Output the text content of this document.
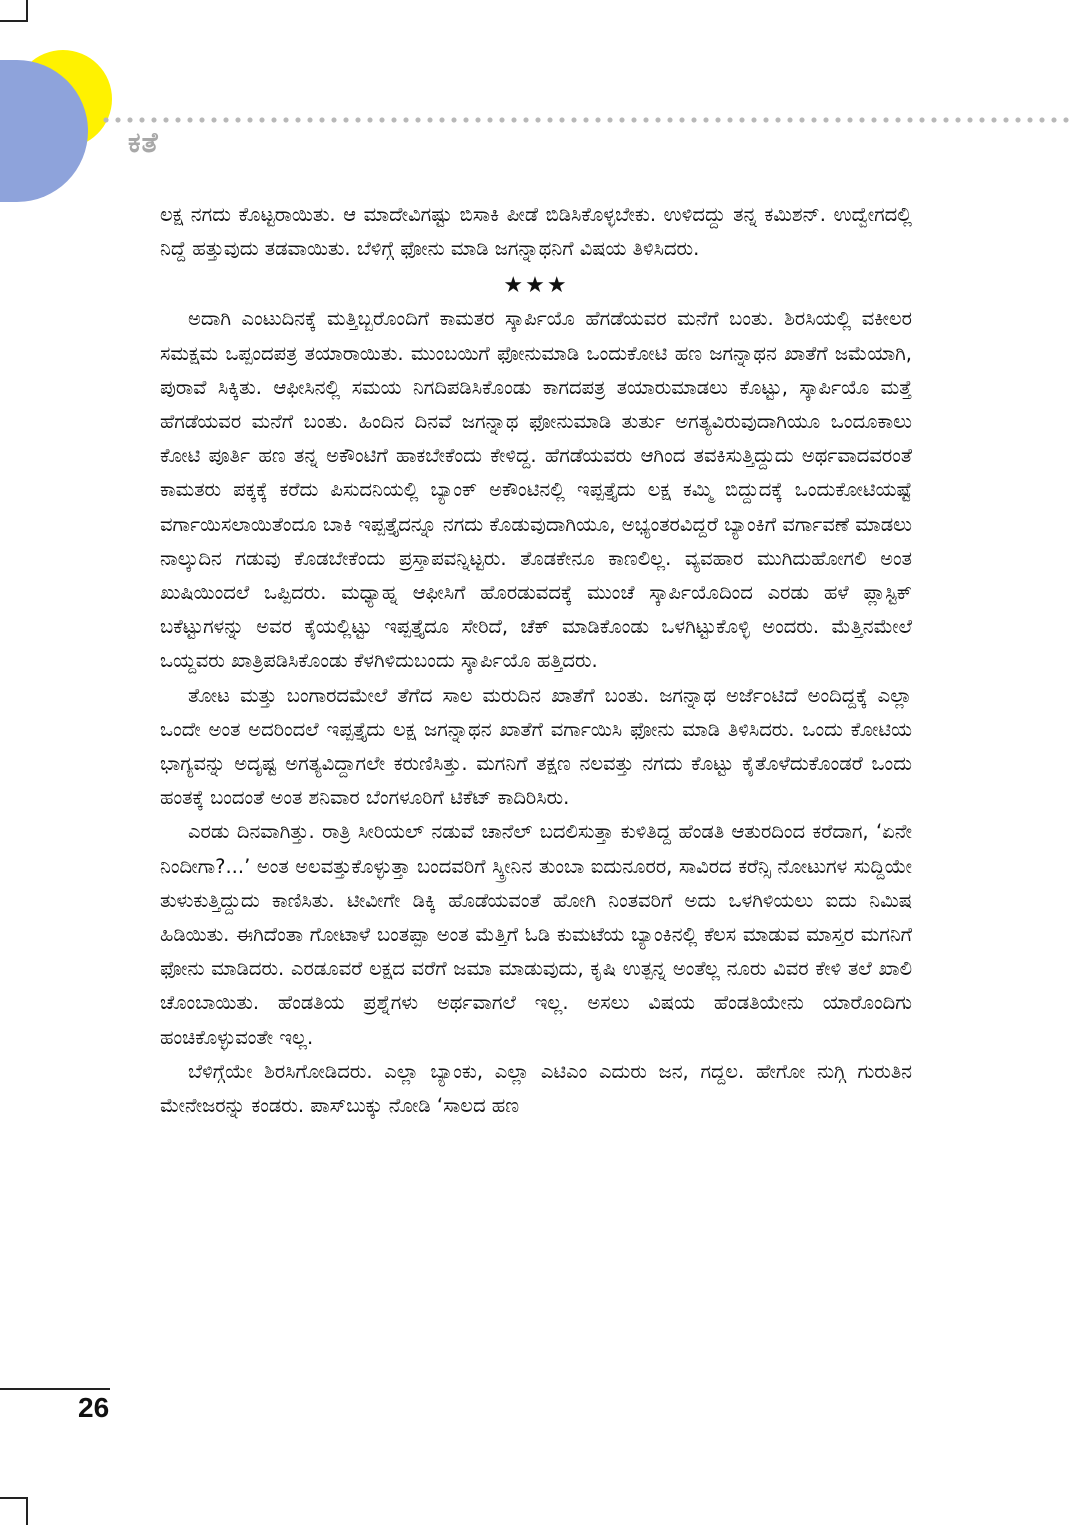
ಕತೆ

ಲಕ್ಷ ನಗದು ಕೊಟ್ಟರಾಯಿತು. ಆ ಮಾದೇವಿಗಷ್ಟು ಬಿಸಾಕಿ ಪೀಡೆ ಬಿಡಿಸಿಕೊಳ್ಳಬೇಕು. ಉಳಿದದ್ದು ತನ್ನ ಕಮಿಶನ್. ಉದ್ವೇಗದಲ್ಲಿ ನಿದ್ದೆ ಹತ್ತುವುದು ತಡವಾಯಿತು. ಬೆಳಿಗ್ಗೆ ಫೋನು ಮಾಡಿ ಜಗನ್ನಾಥನಿಗೆ ವಿಷಯ ತಿಳಿಸಿದರು.

★★★

ಅದಾಗಿ ಎಂಟುದಿನಕ್ಕೆ ಮತ್ತಿಬ್ಬರೊಂದಿಗೆ ಕಾಮತರ ಸ್ಕಾರ್ಪಿಯೊ ಹೆಗಡೆಯವರ ಮನೆಗೆ ಬಂತು. ಶಿರಸಿಯಲ್ಲಿ ವಕೀಲರ ಸಮಕ್ಷಮ ಒಪ್ಪಂದಪತ್ರ ತಯಾರಾಯಿತು. ಮುಂಬಯಿಗೆ ಫೋನುಮಾಡಿ ಒಂದುಕೋಟಿ ಹಣ ಜಗನ್ನಾಥನ ಖಾತೆಗೆ ಜಮೆಯಾಗಿ, ಪುರಾವೆ ಸಿಕ್ಕಿತು. ಆಫೀಸಿನಲ್ಲಿ ಸಮಯ ನಿಗದಿಪಡಿಸಿಕೊಂಡು ಕಾಗದಪತ್ರ ತಯಾರುಮಾಡಲು ಕೊಟ್ಟು, ಸ್ಕಾರ್ಪಿಯೊ ಮತ್ತೆ ಹೆಗಡೆಯವರ ಮನೆಗೆ ಬಂತು. ಹಿಂದಿನ ದಿನವೆ ಜಗನ್ನಾಥ ಫೋನುಮಾಡಿ ತುರ್ತು ಅಗತ್ಯವಿರುವುದಾಗಿಯೂ ಒಂದೂಕಾಲು ಕೋಟಿ ಪೂರ್ತಿ ಹಣ ತನ್ನ ಅಕೌಂಟಿಗೆ ಹಾಕಬೇಕೆಂದು ಕೇಳಿದ್ದ. ಹೆಗಡೆಯವರು ಆಗಿಂದ ತವಕಿಸುತ್ತಿದ್ದುದು ಅರ್ಥವಾದವರಂತೆ ಕಾಮತರು ಪಕ್ಕಕ್ಕೆ ಕರೆದು ಪಿಸುದನಿಯಲ್ಲಿ ಬ್ಯಾಂಕ್ ಅಕೌಂಟಿನಲ್ಲಿ ಇಪ್ಪತ್ತೈದು ಲಕ್ಷ ಕಮ್ಮಿ ಬಿದ್ದುದಕ್ಕೆ ಒಂದುಕೋಟಿಯಷ್ಟೆ ವರ್ಗಾಯಿಸಲಾಯಿತೆಂದೂ ಬಾಕಿ ಇಪ್ಪತ್ತೈದನ್ನೂ ನಗದು ಕೊಡುವುದಾಗಿಯೂ, ಅಭ್ಯಂತರವಿದ್ದರೆ ಬ್ಯಾಂಕಿಗೆ ವರ್ಗಾವಣೆ ಮಾಡಲು ನಾಲ್ಕುದಿನ ಗಡುವು ಕೊಡಬೇಕೆಂದು ಪ್ರಸ್ತಾಪವನ್ನಿಟ್ಟರು. ತೊಡಕೇನೂ ಕಾಣಲಿಲ್ಲ. ವ್ಯವಹಾರ ಮುಗಿದುಹೋಗಲಿ ಅಂತ ಖುಷಿಯಿಂದಲೆ ಒಪ್ಪಿದರು. ಮಧ್ಯಾಹ್ನ ಆಫೀಸಿಗೆ ಹೊರಡುವದಕ್ಕೆ ಮುಂಚೆ ಸ್ಕಾರ್ಪಿಯೊದಿಂದ ಎರಡು ಹಳೆ ಪ್ಲಾಸ್ಟಿಕ್ ಬಕೆಟ್ಟುಗಳನ್ನು ಅವರ ಕೈಯಲ್ಲಿಟ್ಟು ಇಪ್ಪತ್ತೈದೂ ಸೇರಿದೆ, ಚೆಕ್ ಮಾಡಿಕೊಂಡು ಒಳಗಿಟ್ಟುಕೊಳ್ಳಿ ಅಂದರು. ಮೆತ್ತಿನಮೇಲೆ ಒಯ್ದವರು ಖಾತ್ರಿಪಡಿಸಿಕೊಂಡು ಕೆಳಗಿಳಿದುಬಂದು ಸ್ಕಾರ್ಪಿಯೊ ಹತ್ತಿದರು.

ತೋಟ ಮತ್ತು ಬಂಗಾರದಮೇಲೆ ತೆಗೆದ ಸಾಲ ಮರುದಿನ ಖಾತೆಗೆ ಬಂತು. ಜಗನ್ನಾಥ ಅರ್ಜೆಂಟಿದೆ ಅಂದಿದ್ದಕ್ಕೆ ಎಲ್ಲಾ ಒಂದೇ ಅಂತ ಅದರಿಂದಲೆ ಇಪ್ಪತ್ತೈದು ಲಕ್ಷ ಜಗನ್ನಾಥನ ಖಾತೆಗೆ ವರ್ಗಾಯಿಸಿ ಫೋನು ಮಾಡಿ ತಿಳಿಸಿದರು. ಒಂದು ಕೋಟಿಯ ಭಾಗ್ಯವನ್ನು ಅದೃಷ್ಟ ಅಗತ್ಯವಿದ್ದಾಗಲೇ ಕರುಣಿಸಿತ್ತು. ಮಗನಿಗೆ ತಕ್ಷಣ ನಲವತ್ತು ನಗದು ಕೊಟ್ಟು ಕೈತೊಳೆದುಕೊಂಡರೆ ಒಂದು ಹಂತಕ್ಕೆ ಬಂದಂತೆ ಅಂತ ಶನಿವಾರ ಬೆಂಗಳೂರಿಗೆ ಟಿಕೆಟ್ ಕಾದಿರಿಸಿರು.

ಎರಡು ದಿನವಾಗಿತ್ತು. ರಾತ್ರಿ ಸೀರಿಯಲ್ ನಡುವೆ ಚಾನೆಲ್ ಬದಲಿಸುತ್ತಾ ಕುಳಿತಿದ್ದ ಹೆಂಡತಿ ಆತುರದಿಂದ ಕರೆದಾಗ, ‘ಏನೇ ನಿಂದೀಗಾ?...’ ಅಂತ ಅಲವತ್ತುಕೊಳ್ಳುತ್ತಾ ಬಂದವರಿಗೆ ಸ್ಕ್ರೀನಿನ ತುಂಬಾ ಐದುನೂರರ, ಸಾವಿರದ ಕರೆನ್ಸಿ ನೋಟುಗಳ ಸುದ್ದಿಯೇ ತುಳುಕುತ್ತಿದ್ದುದು ಕಾಣಿಸಿತು. ಟೀವೀಗೇ ಡಿಕ್ಕಿ ಹೊಡೆಯವಂತೆ ಹೋಗಿ ನಿಂತವರಿಗೆ ಅದು ಒಳಗಿಳಿಯಲು ಐದು ನಿಮಿಷ ಹಿಡಿಯಿತು. ಈಗಿದೆಂತಾ ಗೋಟಾಳೆ ಬಂತಪ್ಪಾ ಅಂತ ಮೆತ್ತಿಗೆ ಓಡಿ ಕುಮಟೆಯ ಬ್ಯಾಂಕಿನಲ್ಲಿ ಕೆಲಸ ಮಾಡುವ ಮಾಸ್ತರ ಮಗನಿಗೆ ಫೋನು ಮಾಡಿದರು. ಎರಡೂವರೆ ಲಕ್ಷದ ವರೆಗೆ ಜಮಾ ಮಾಡುವುದು, ಕೃಷಿ ಉತ್ಪನ್ನ ಅಂತೆಲ್ಲ ನೂರು ವಿವರ ಕೇಳಿ ತಲೆ ಖಾಲಿ ಚೊಂಬಾಯಿತು. ಹೆಂಡತಿಯ ಪ್ರಶ್ನೆಗಳು ಅರ್ಥವಾಗಲೆ ಇಲ್ಲ. ಅಸಲು ವಿಷಯ ಹೆಂಡತಿಯೇನು ಯಾರೊಂದಿಗು ಹಂಚಿಕೊಳ್ಳುವಂತೇ ಇಲ್ಲ.

ಬೆಳಿಗ್ಗೆಯೇ ಶಿರಸಿಗೋಡಿದರು. ಎಲ್ಲಾ ಬ್ಯಾಂಕು, ಎಲ್ಲಾ ಎಟಿಎಂ ಎದುರು ಜನ, ಗದ್ದಲ. ಹೇಗೋ ನುಗ್ಗಿ ಗುರುತಿನ ಮೇನೇಜರನ್ನು ಕಂಡರು. ಪಾಸ್‌ಬುಕ್ಕು ನೋಡಿ ‘ಸಾಲದ ಹಣ

26
